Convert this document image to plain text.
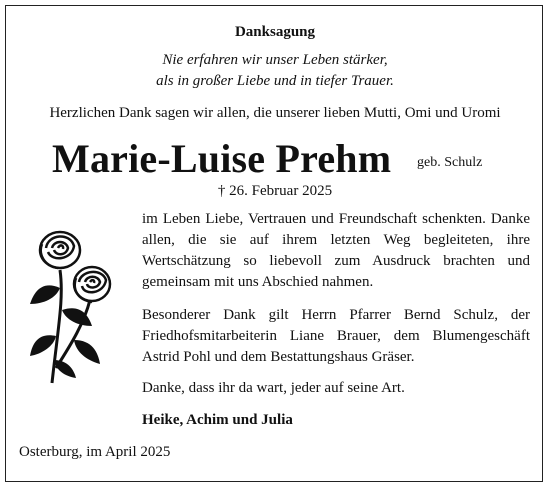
Danksagung
Nie erfahren wir unser Leben stärker,
als in großer Liebe und in tiefer Trauer.
Herzlichen Dank sagen wir allen, die unserer lieben Mutti, Omi und Uromi
Marie-Luise Prehm geb. Schulz
† 26. Februar 2025
im Leben Liebe, Vertrauen und Freundschaft schenkten. Danke allen, die sie auf ihrem letzten Weg begleiteten, ihre Wertschätzung so liebevoll zum Ausdruck brachten und gemeinsam mit uns Abschied nahmen.
Besonderer Dank gilt Herrn Pfarrer Bernd Schulz, der Friedhofsmitarbeiterin Liane Brauer, dem Blumengeschäft Astrid Pohl und dem Bestattungshaus Gräser.
Danke, dass ihr da wart, jeder auf seine Art.
Heike, Achim und Julia
Osterburg, im April 2025
